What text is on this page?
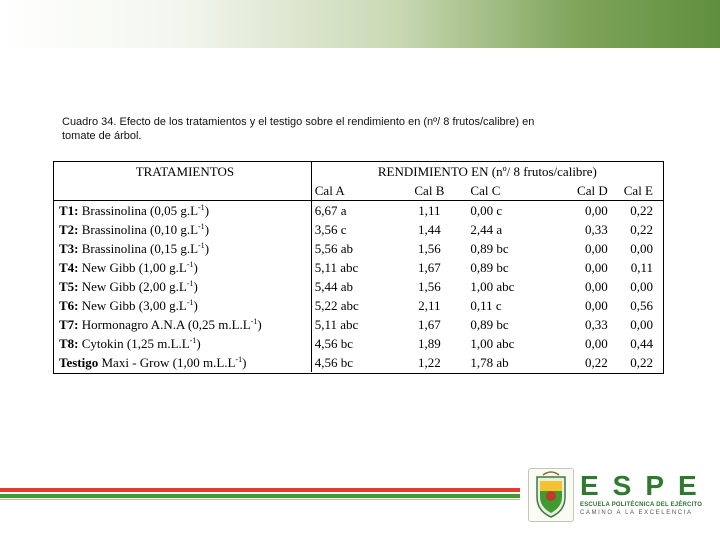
Cuadro 34. Efecto de los tratamientos y el testigo sobre el rendimiento en (nº/ 8 frutos/calibre) en
tomate de árbol.
TRATAMIENTOS	RENDIMIENTO EN (nº/ 8 frutos/calibre)				
	Cal A	Cal B	Cal C	Cal D	Cal E
T1: Brassinolina (0,05 $g.L^{-1}$)	6,67 a	1,11	0,00 c	0,00	0,22
T2: Brassinolina (0,10 $g.L^{-1}$)	3,56 c	1,44	2,44 a	0,33	0,22
T3: Brassinolina (0,15 $g.L^{-1}$)	5,56 ab	1,56	0,89 bc	0,00	0,00
T4: New Gibb (1,00 $g.L^{-1}$)	5,11 abc	1,67	0,89 bc	0,00	0,11
T5: New Gibb (2,00 $g.L^{-1}$)	5,44 ab	1,56	1,00 abc	0,00	0,00
T6: New Gibb (3,00 $g.L^{-1}$)	5,22 abc	2,11	0,11 c	0,00	0,56
T7: Hormonagro A.N.A (0,25 $m.L.L^{-1}$)	5,11 abc	1,67	0,89 bc	0,33	0,00
T8: Cytokin (1,25 $m.L.L^{-1}$)	4,56 bc	1,89	1,00 abc	0,00	0,44
Testigo Maxi - Grow (1,00 $m.L.L^{-1}$)	4,56 bc	1,22	1,78 ab	0,22	0,22
ESPE
ESCUELA POLITÉCNICA DEL EJÉRCITO
CAMINO A LA EXCELENCIA
